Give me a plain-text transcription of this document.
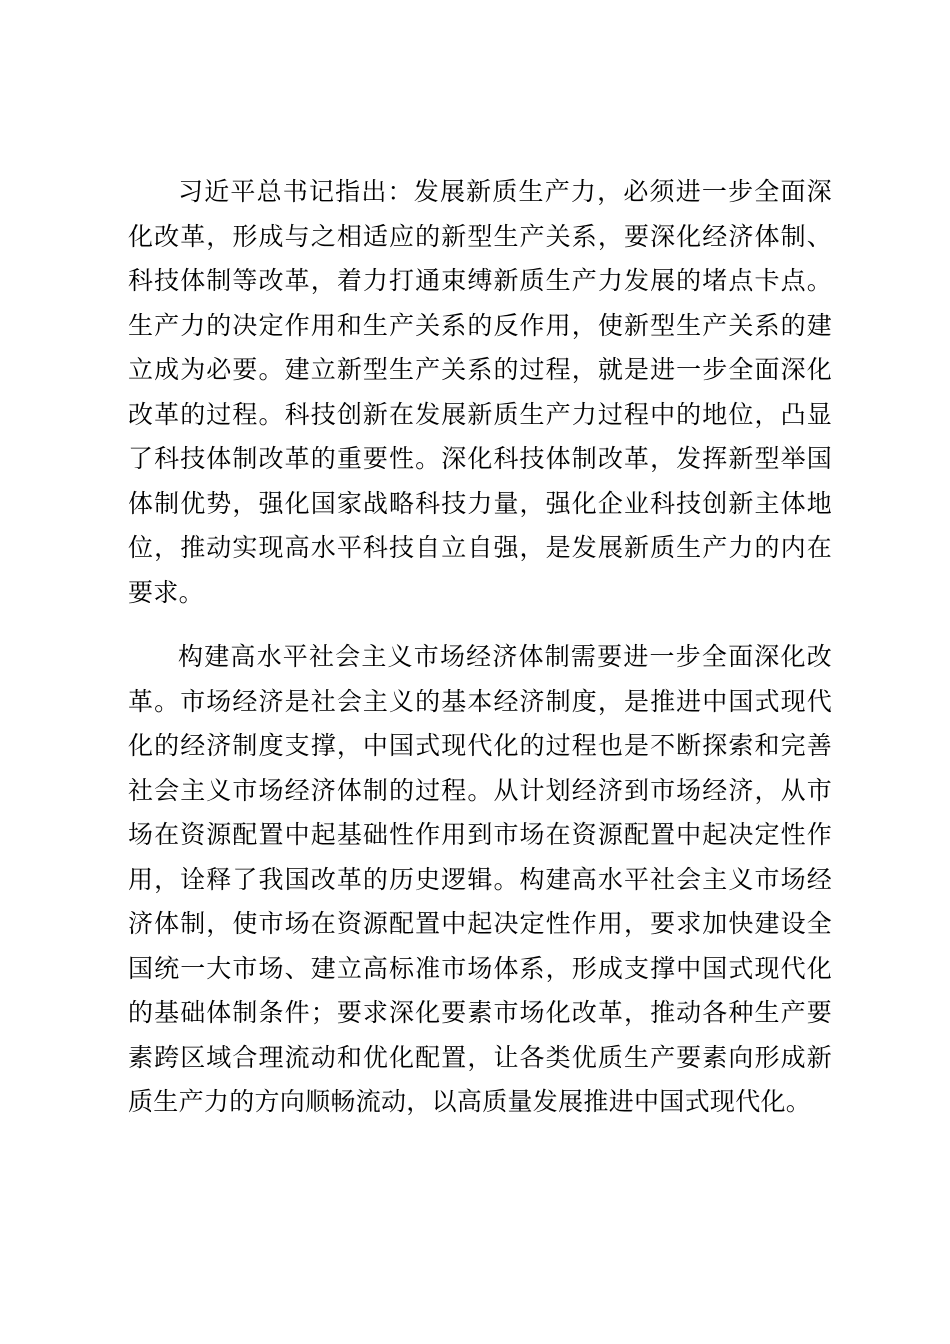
习近平总书记指出：发展新质生产力，必须进一步全面深化改革，形成与之相适应的新型生产关系，要深化经济体制、科技体制等改革，着力打通束缚新质生产力发展的堵点卡点。生产力的决定作用和生产关系的反作用，使新型生产关系的建立成为必要。建立新型生产关系的过程，就是进一步全面深化改革的过程。科技创新在发展新质生产力过程中的地位，凸显了科技体制改革的重要性。深化科技体制改革，发挥新型举国体制优势，强化国家战略科技力量，强化企业科技创新主体地位，推动实现高水平科技自立自强，是发展新质生产力的内在要求。

构建高水平社会主义市场经济体制需要进一步全面深化改革。市场经济是社会主义的基本经济制度，是推进中国式现代化的经济制度支撑，中国式现代化的过程也是不断探索和完善社会主义市场经济体制的过程。从计划经济到市场经济，从市场在资源配置中起基础性作用到市场在资源配置中起决定性作用，诠释了我国改革的历史逻辑。构建高水平社会主义市场经济体制，使市场在资源配置中起决定性作用，要求加快建设全国统一大市场、建立高标准市场体系，形成支撑中国式现代化的基础体制条件；要求深化要素市场化改革，推动各种生产要素跨区域合理流动和优化配置，让各类优质生产要素向形成新质生产力的方向顺畅流动，以高质量发展推进中国式现代化。
